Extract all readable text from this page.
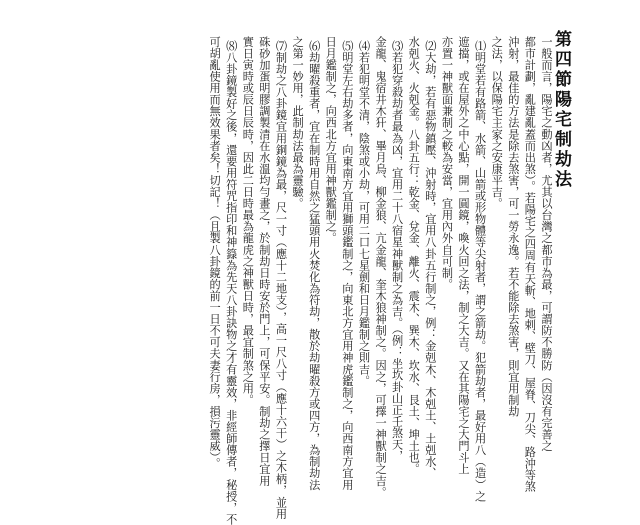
第四節陽宅制劫法
一般而言，陽宅之動凶者，尤其以台灣之都市為最，可謂防不勝防（因沒有完善之
都市計劃，亂建亂蓋而出煞）。若陽宅之四周有天斬、地剌、壁刀、屋脊、刀尖、路沖等煞
沖射，最佳的方法是除去煞害，可一勞永逸。若不能除去煞害，則宜用制劫
之法，以保陽宅主家之安康平吉。
⑴明堂若有路箭、水箭、山箭或形物體等尖射者，謂之箭劫。犯箭劫者，最好用八（造）之
遮擋，或在屋外之中心點，開一圓鏡，喚火回之法，制之大吉。又在其陽宅之大門斗上
亦置一神獸面兼制之較為安當，宜用內外自可制。
⑵大劫，若有惡物鎮壓、沖射時，宜用八卦五行制之，例：金剋木、木剋土、土剋水、
水剋火、火剋金。八卦五行：乾金、兌金、離火、震木、巽木、坎水、艮土、坤土也。
⑶若犯穿殺劫者最為凶，宜用二十八宿星神獸制之為吉。（例：坐坎卦山正壬煞天，
金龍、鬼宿井木犴、畢月烏、柳金狼、亢金龍、奎木狼神制之。因之，可擇一神獸制之吉。
⑷若犯明堂不清，陰煞或小劫，可用二口七星劍和日月鑑制之則吉。
⑸明堂左右劫多者，向東南方宜用獅頭鑑制之，向東北方宜用神虎鑑制之，向西南方宜用
日月鑑制之，向西北方宜用神獸鑑制之。
⑹劫曜殺重者，宜在制時用自然之猛頭用火焚化為符劫，散於劫曜殺方或四方，為制劫法
之第一妙用，此制劫法最為靈驗。
⑺制劫之八卦鏡宜用銅鏡為最，尺一寸（應十二地支），高一尺八寸（應十六干）之木柄，並用
硃砂加蛋明膠調製清在水溫均勻畫之，於制劫日時安於門上，可保平安。制劫之擇日宜用
實日寅時或辰日辰時，因此二日時最為龍虎之神獸日時，最宜制煞之用。
⑻八卦鏡製好之後，還要用符咒指印和神籙為先天八卦訣物之才有靈效，非經師傳者，秘授，不
可胡亂使用而無效果者矣！切記！（且製八卦鏡的前一日不可夫妻行房，損污靈威）。
